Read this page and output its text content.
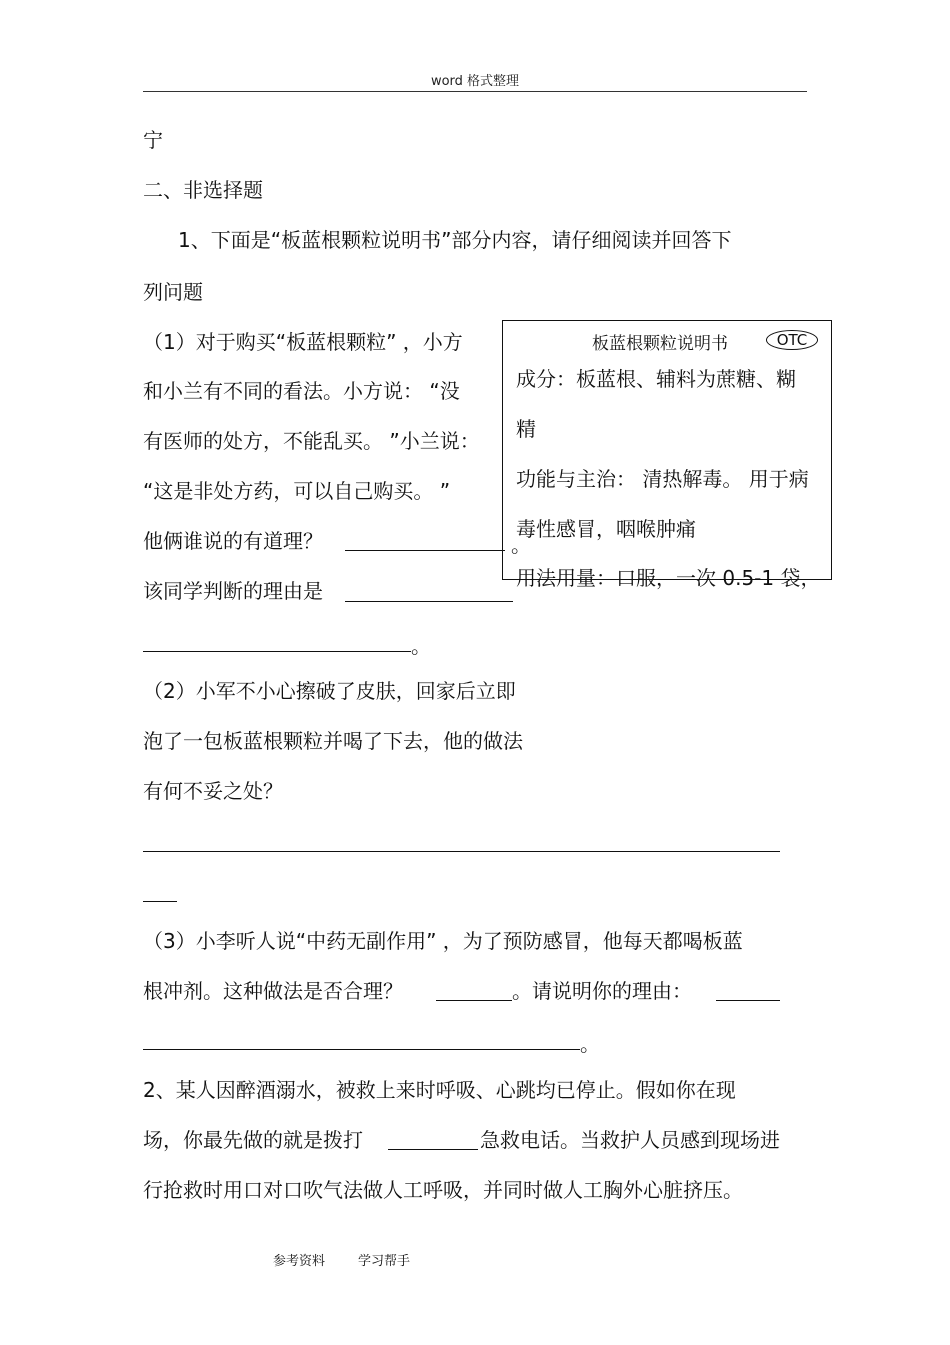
word 格式整理
宁
二、非选择题
1、下面是“板蓝根颗粒说明书”部分内容，请仔细阅读并回答下
列问题
（1）对于购买“板蓝根颗粒” ，小方
和小兰有不同的看法。小方说： “没
有医师的处方，不能乱买。 ”小兰说：
“这是非处方药，可以自己购买。 ”
他俩谁说的有道理？	。
该同学判断的理由是
。
（2）小军不小心擦破了皮肤，回家后立即
泡了一包板蓝根颗粒并喝了下去，他的做法
有何不妥之处？
（3）小李听人说“中药无副作用” ，为了预防感冒，他每天都喝板蓝
根冲剂。这种做法是否合理？	。请说明你的理由：
。
2、某人因醉酒溺水，被救上来时呼吸、心跳均已停止。假如你在现
场，你最先做的就是拨打	急救电话。当救护人员感到现场进
行抢救时用口对口吹气法做人工呼吸，并同时做人工胸外心脏挤压。
板蓝根颗粒说明书	OTC
成分：板蓝根、辅料为蔗糖、糊
精
功能与主治： 清热解毒。 用于病
毒性感冒，咽喉肿痛
用法用量：口服，一次 0.5-1 袋，
参考资料	学习帮手
